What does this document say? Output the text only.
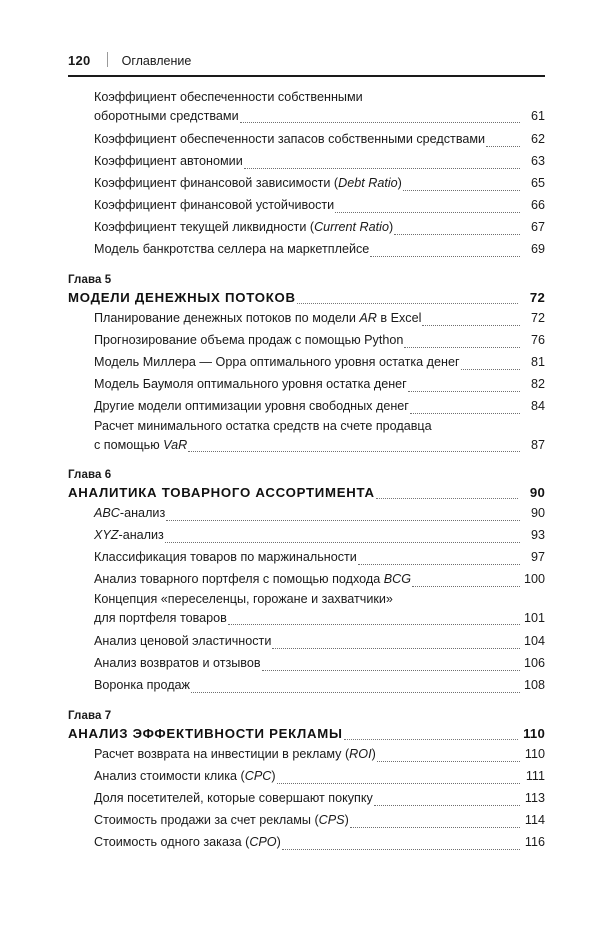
120 Оглавление
Коэффициент обеспеченности собственными
оборотными средствами	61
Коэффициент обеспеченности запасов собственными средствами	62
Коэффициент автономии	63
Коэффициент финансовой зависимости (Debt Ratio)	65
Коэффициент финансовой устойчивости	66
Коэффициент текущей ликвидности (Current Ratio)	67
Модель банкротства селлера на маркетплейсе	69
Глава 5
МОДЕЛИ ДЕНЕЖНЫХ ПОТОКОВ	72
Планирование денежных потоков по модели AR в Excel	72
Прогнозирование объема продаж с помощью Python	76
Модель Миллера — Орра оптимального уровня остатка денег	81
Модель Баумоля оптимального уровня остатка денег	82
Другие модели оптимизации уровня свободных денег	84
Расчет минимального остатка средств на счете продавца
с помощью VaR	87
Глава 6
АНАЛИТИКА ТОВАРНОГО АССОРТИМЕНТА	90
ABC-анализ	90
XYZ-анализ	93
Классификация товаров по маржинальности	97
Анализ товарного портфеля с помощью подхода BCG	100
Концепция «переселенцы, горожане и захватчики»
для портфеля товаров	101
Анализ ценовой эластичности	104
Анализ возвратов и отзывов	106
Воронка продаж	108
Глава 7
АНАЛИЗ ЭФФЕКТИВНОСТИ РЕКЛАМЫ	110
Расчет возврата на инвестиции в рекламу (ROI)	110
Анализ стоимости клика (CPC)	111
Доля посетителей, которые совершают покупку	113
Стоимость продажи за счет рекламы (CPS)	114
Стоимость одного заказа (CPO)	116
